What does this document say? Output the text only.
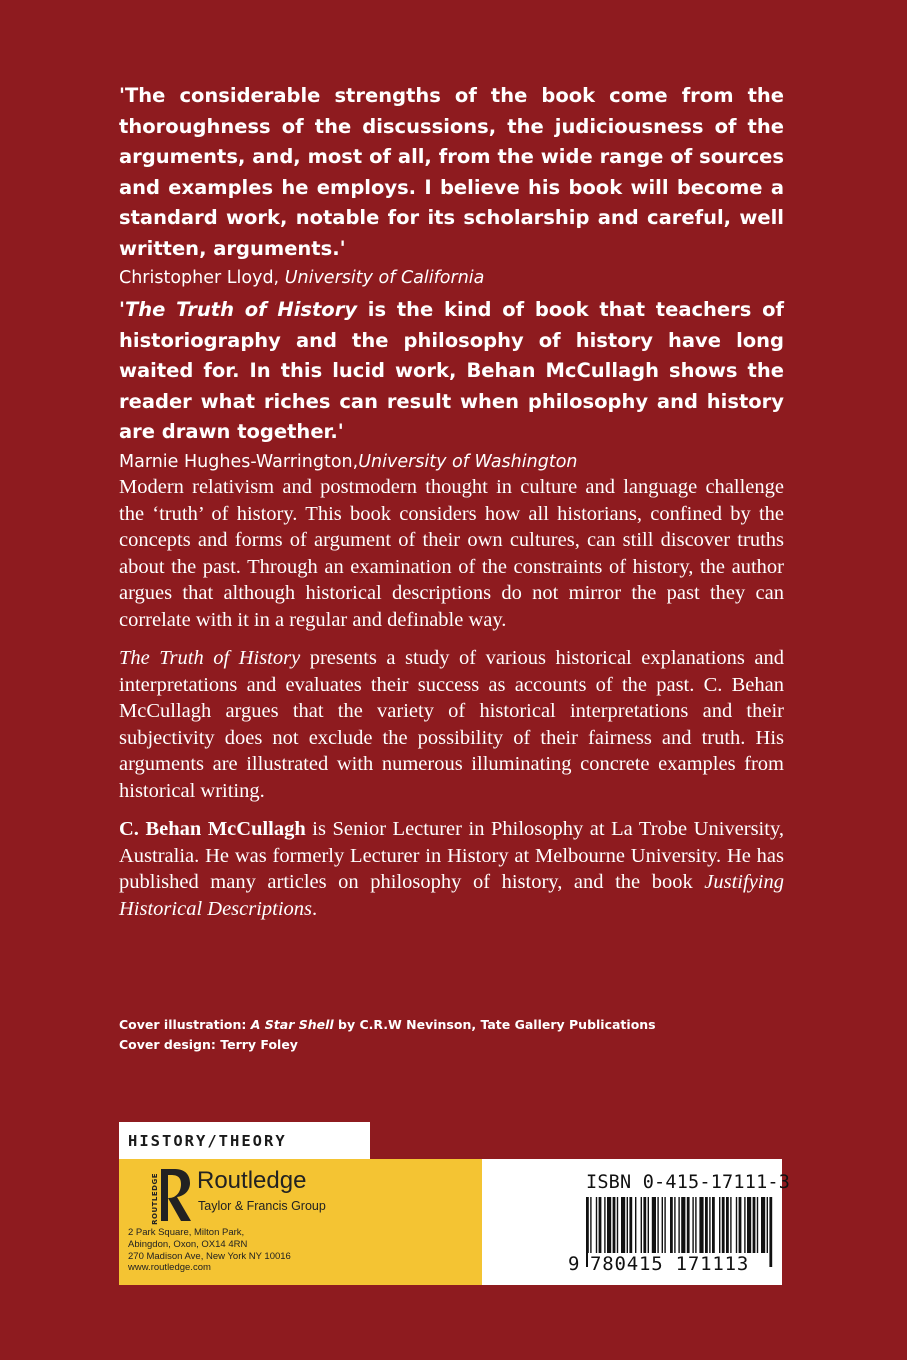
'The considerable strengths of the book come from the thoroughness of the discussions, the judiciousness of the arguments, and, most of all, from the wide range of sources and examples he employs. I believe his book will become a standard work, notable for its scholarship and careful, well written, arguments.'

Christopher Lloyd, University of California

'The Truth of History is the kind of book that teachers of historiography and the philosophy of history have long waited for. In this lucid work, Behan McCullagh shows the reader what riches can result when philosophy and history are drawn together.'

Marnie Hughes-Warrington,University of Washington

Modern relativism and postmodern thought in culture and language challenge the ‘truth’ of history. This book considers how all historians, confined by the concepts and forms of argument of their own cultures, can still discover truths about the past. Through an examination of the constraints of history, the author argues that although historical descriptions do not mirror the past they can correlate with it in a regular and definable way.

The Truth of History presents a study of various historical explanations and interpretations and evaluates their success as accounts of the past. C. Behan McCullagh argues that the variety of historical interpretations and their subjectivity does not exclude the possibility of their fairness and truth. His arguments are illustrated with numerous illuminating concrete examples from historical writing.

C. Behan McCullagh is Senior Lecturer in Philosophy at La Trobe University, Australia. He was formerly Lecturer in History at Melbourne University. He has published many articles on philosophy of history, and the book Justifying Historical Descriptions.

Cover illustration: A Star Shell by C.R.W Nevinson, Tate Gallery Publications
Cover design: Terry Foley
HISTORY/THEORY
ROUTLEDGE Routledge
Taylor & Francis Group
2 Park Square, Milton Park,
Abingdon, Oxon, OX14 4RN
270 Madison Ave, New York NY 10016
www.routledge.com
ISBN 0-415-17111-3
9 780415 171113
